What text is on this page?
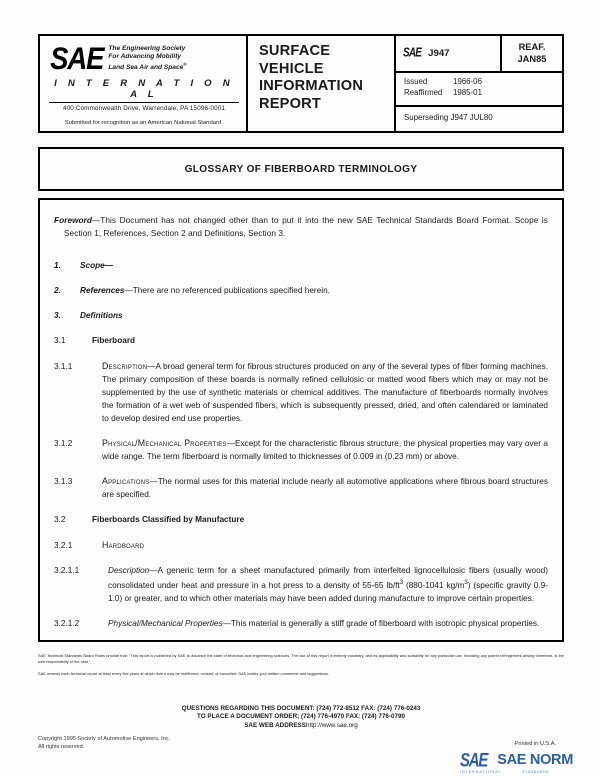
SAE The Engineering Society
For Advancing Mobility
Land Sea Air and Space®
I N T E R N A T I O N A L
400 Commonwealth Drive, Warrendale, PA 15096-0001
Submitted for recognition as an American National Standard
SURFACE
VEHICLE
INFORMATION
REPORT
SAE J947
REAF.
JAN85
Issued	1966-06
Reaffirmed	1985-01
Superseding J947 JUL80
GLOSSARY OF FIBERBOARD TERMINOLOGY
Foreword—This Document has not changed other than to put it into the new SAE Technical Standards Board Format. Scope is Section 1, References, Section 2 and Definitions, Section 3.
1.	Scope—
2.	References—There are no referenced publications specified herein.
3.	Definitions
3.1	Fiberboard
3.1.1	Description—A broad general term for fibrous structures produced on any of the several types of fiber forming machines. The primary composition of these boards is normally refined cellulosic or matted wood fibers which may or may not be supplemented by the use of synthetic materials or chemical additives. The manufacture of fiberboards normally involves the formation of a wet web of suspended fibers, which is subsequently pressed, dried, and often calendared or laminated to develop desired end use properties.
3.1.2	Physical/Mechanical Properties—Except for the characteristic fibrous structure, the physical properties may vary over a wide range. The term fiberboard is normally limited to thicknesses of 0.009 in (0.23 mm) or above.
3.1.3	Applications—The normal uses for this material include nearly all automotive applications where fibrous board structures are specified.
3.2	Fiberboards Classified by Manufacture
3.2.1	Hardboard
3.2.1.1	Description—A generic term for a sheet manufactured primarily from interfelted lignocellulosic fibers (usually wood) consolidated under heat and pressure in a hot press to a density of 55-65 $lb/ft^3$ (880-1041 $kg/m^3$) (specific gravity 0.9-1.0) or greater, and to which other materials may have been added during manufacture to improve certain properties.
3.2.1.2	Physical/Mechanical Properties—This material is generally a stiff grade of fiberboard with isotropic physical properties.

SAE Technical Standards Board Rules provide that: “This report is published by SAE to advance the state of technical and engineering sciences. The use of this report is entirely voluntary, and its applicability and suitability for any particular use, including any patent infringement arising therefrom, is the sole responsibility of the user.”

SAE reviews each technical report at least every five years at which time it may be reaffirmed, revised, or cancelled. SAE invites your written comments and suggestions.

QUESTIONS REGARDING THIS DOCUMENT: (724) 772-8512 FAX: (724) 776-0243
TO PLACE A DOCUMENT ORDER; (724) 776-4970 FAX: (724) 776-0790
SAE WEB ADDRESShttp://www.sae.org
Copyright 1995 Society of Automotive Engineers, Inc.
All rights reserved.	Printed in U.S.A.
SAE SAE NORM
INTERNATIONAL	STANDARDS
